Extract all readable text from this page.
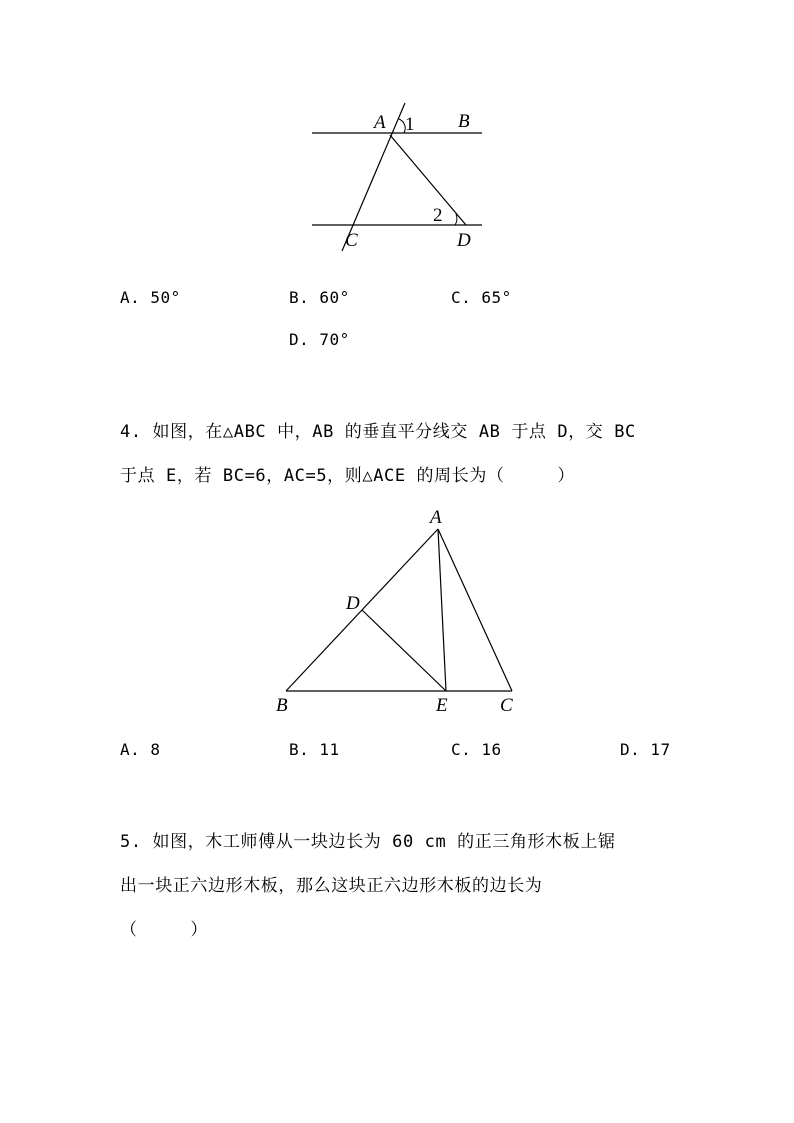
A 1 B
2
C	D
A. 50°	B. 60°	C. 65°
D. 70°
4. 如图，在△ABC 中，AB 的垂直平分线交 AB 于点 D，交 BC
于点 E，若 BC=6，AC=5，则△ACE 的周长为（　　　）
A
D
B	E	C
A. 8	B. 11	C. 16	D. 17
5. 如图，木工师傅从一块边长为 60 cm 的正三角形木板上锯
出一块正六边形木板，那么这块正六边形木板的边长为
（　　　）
